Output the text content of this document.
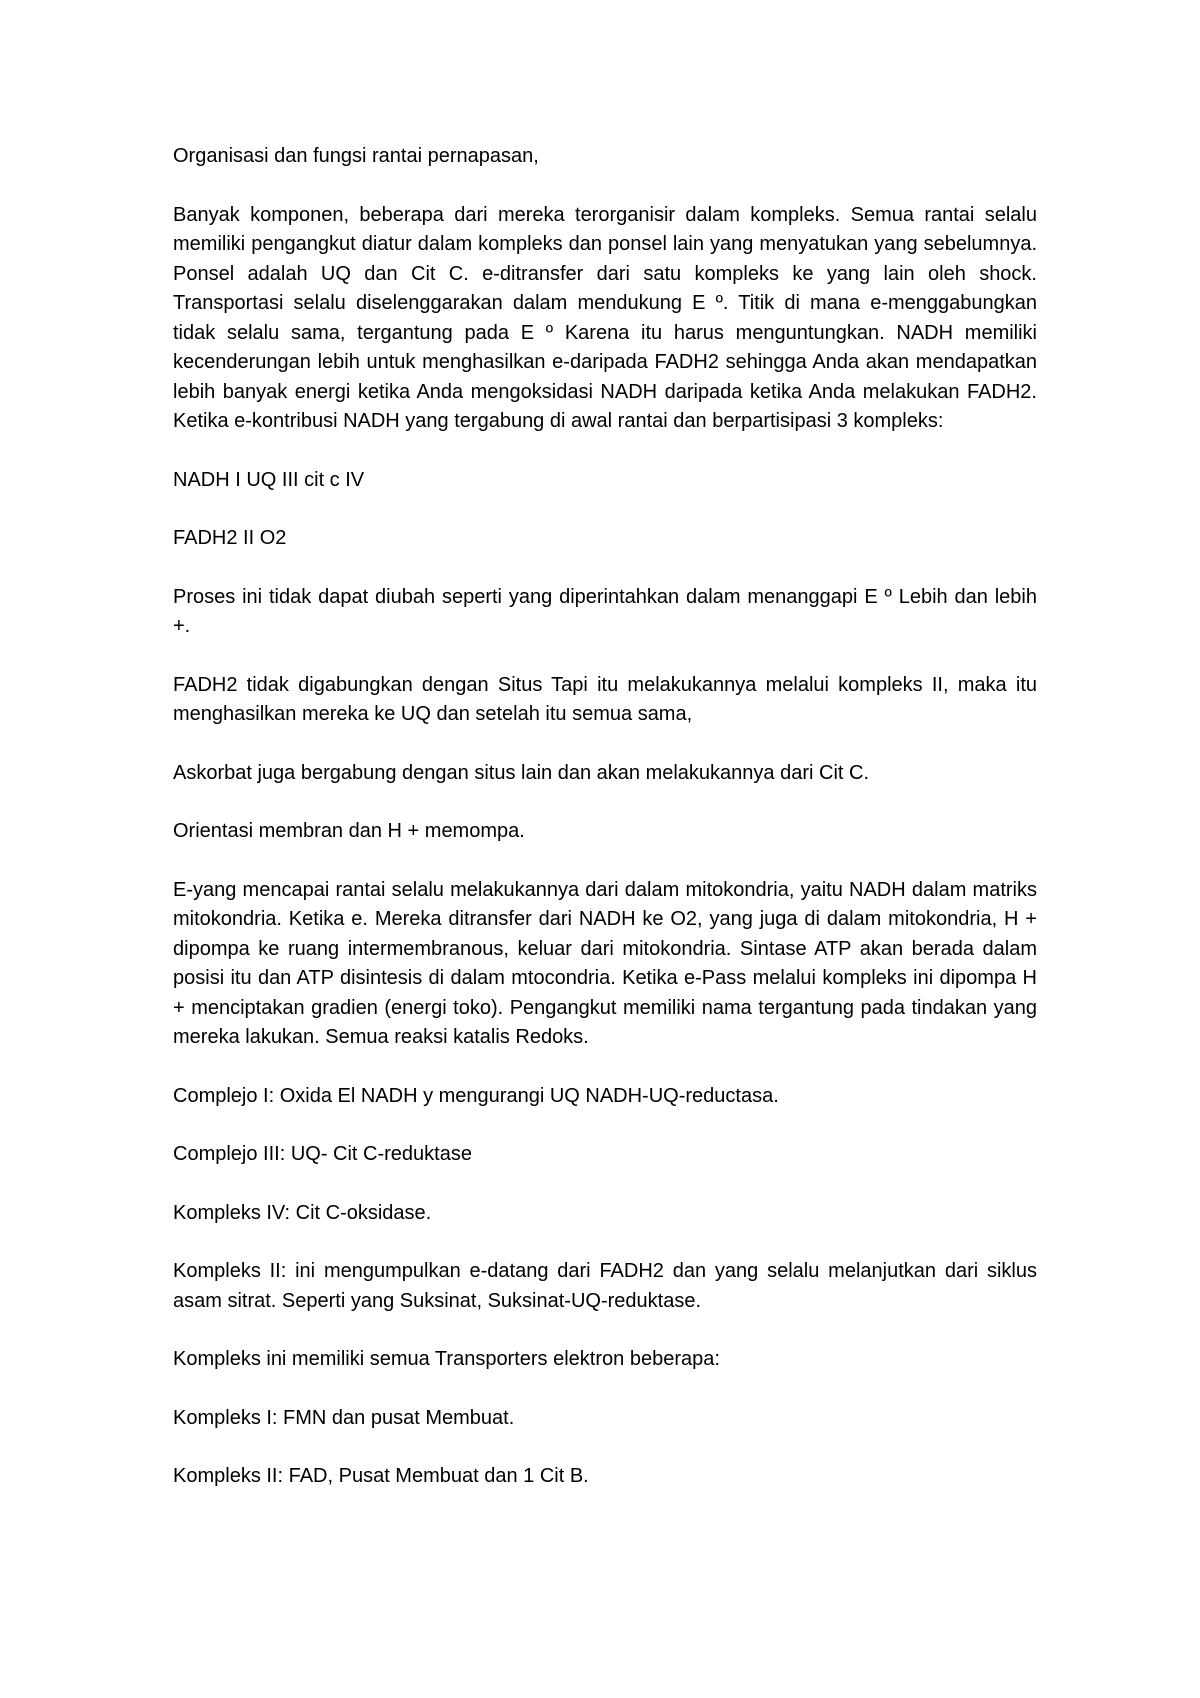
Organisasi dan fungsi rantai pernapasan,

Banyak komponen, beberapa dari mereka terorganisir dalam kompleks. Semua rantai selalu memiliki pengangkut diatur dalam kompleks dan ponsel lain yang menyatukan yang sebelumnya. Ponsel adalah UQ dan Cit C. e-ditransfer dari satu kompleks ke yang lain oleh shock. Transportasi selalu diselenggarakan dalam mendukung E º. Titik di mana e-menggabungkan tidak selalu sama, tergantung pada E º Karena itu harus menguntungkan. NADH memiliki kecenderungan lebih untuk menghasilkan e-daripada FADH2 sehingga Anda akan mendapatkan lebih banyak energi ketika Anda mengoksidasi NADH daripada ketika Anda melakukan FADH2. Ketika e-kontribusi NADH yang tergabung di awal rantai dan berpartisipasi 3 kompleks:

NADH I UQ III cit c IV

FADH2 II O2

Proses ini tidak dapat diubah seperti yang diperintahkan dalam menanggapi E º Lebih dan lebih +.

FADH2 tidak digabungkan dengan Situs Tapi itu melakukannya melalui kompleks II, maka itu menghasilkan mereka ke UQ dan setelah itu semua sama,

Askorbat juga bergabung dengan situs lain dan akan melakukannya dari Cit C.

Orientasi membran dan H + memompa.

E-yang mencapai rantai selalu melakukannya dari dalam mitokondria, yaitu NADH dalam matriks mitokondria. Ketika e. Mereka ditransfer dari NADH ke O2, yang juga di dalam mitokondria, H + dipompa ke ruang intermembranous, keluar dari mitokondria. Sintase ATP akan berada dalam posisi itu dan ATP disintesis di dalam mtocondria. Ketika e-Pass melalui kompleks ini dipompa H + menciptakan gradien (energi toko). Pengangkut memiliki nama tergantung pada tindakan yang mereka lakukan. Semua reaksi katalis Redoks.

Complejo I: Oxida El NADH y mengurangi UQ NADH-UQ-reductasa.

Complejo III: UQ- Cit C-reduktase

Kompleks IV: Cit C-oksidase.

Kompleks II: ini mengumpulkan e-datang dari FADH2 dan yang selalu melanjutkan dari siklus asam sitrat. Seperti yang Suksinat, Suksinat-UQ-reduktase.

Kompleks ini memiliki semua Transporters elektron beberapa:

Kompleks I: FMN dan pusat Membuat.

Kompleks II: FAD, Pusat Membuat dan 1 Cit B.
